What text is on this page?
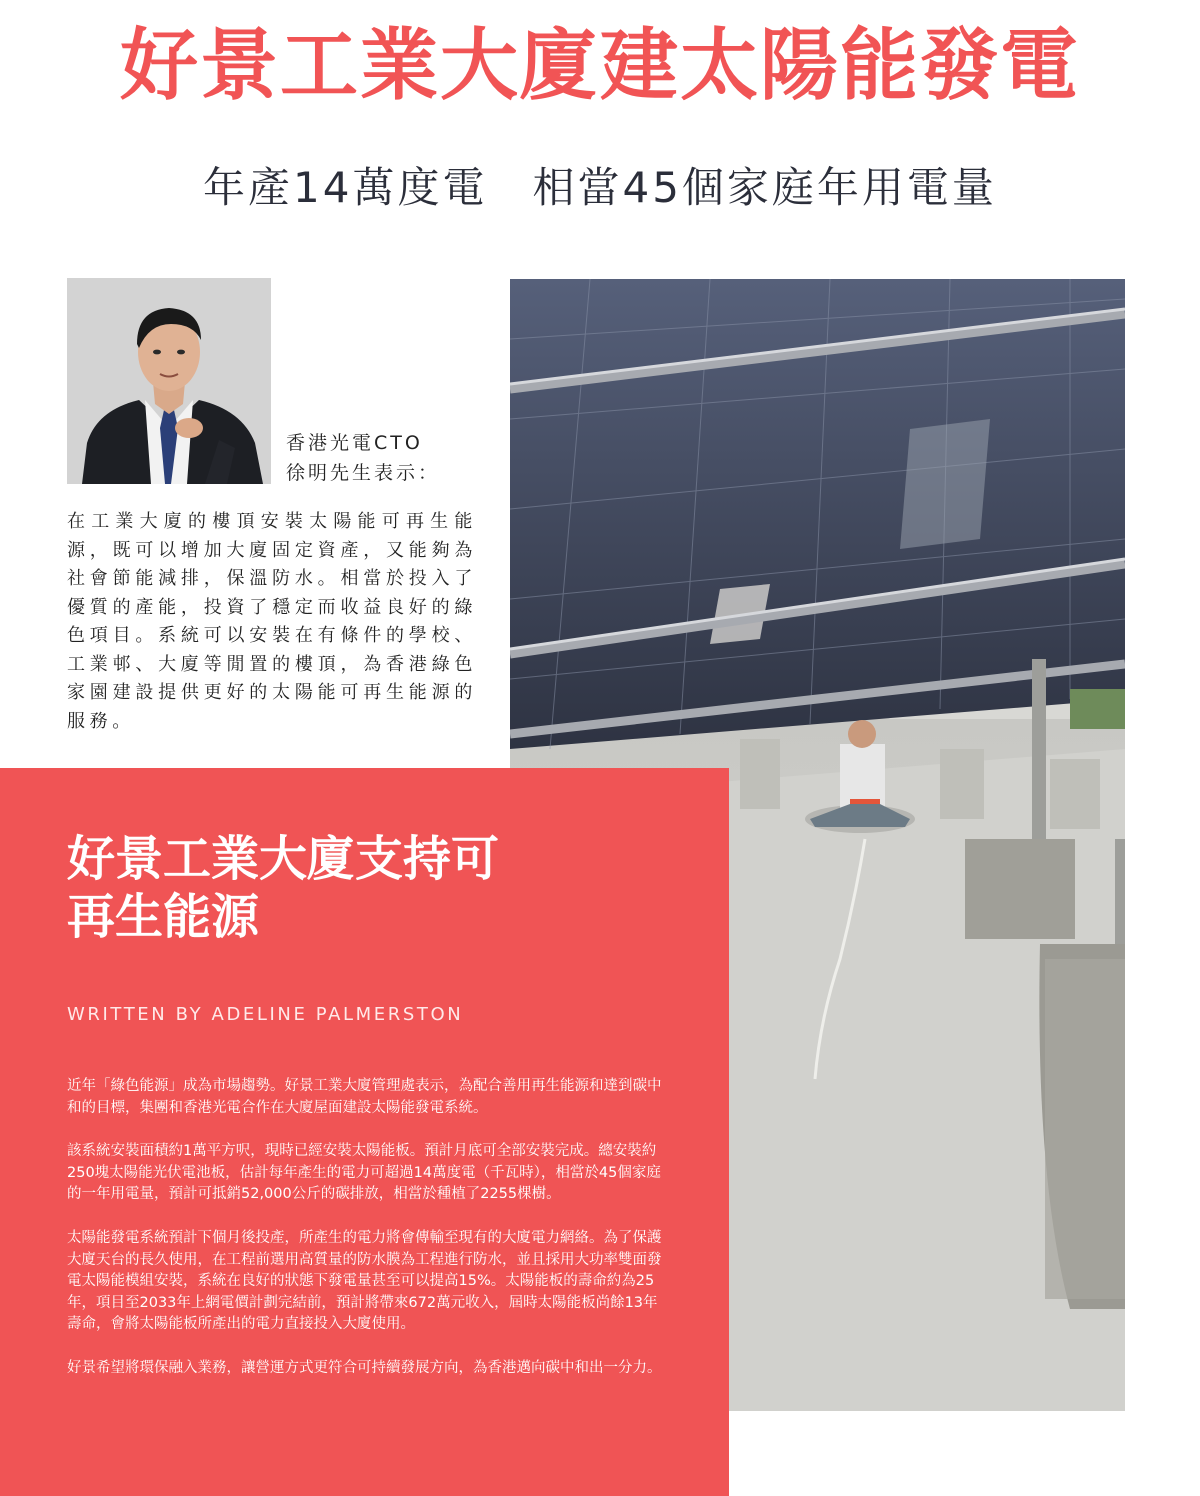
好景工業大廈建太陽能發電
年產14萬度電　相當45個家庭年用電量
香港光電CTO
徐明先生表示：
在工業大廈的樓頂安裝太陽能可再生能源，既可以增加大廈固定資產，又能夠為社會節能減排，保溫防水。相當於投入了優質的產能，投資了穩定而收益良好的綠色項目。系統可以安裝在有條件的學校、工業邨、大廈等閒置的樓頂，為香港綠色家園建設提供更好的太陽能可再生能源的服務。
好景工業大廈支持可
再生能源
WRITTEN BY ADELINE PALMERSTON

近年「綠色能源」成為市場趨勢。好景工業大廈管理處表示，為配合善用再生能源和達到碳中和的目標，集團和香港光電合作在大廈屋面建設太陽能發電系統。

該系統安裝面積約1萬平方呎，現時已經安裝太陽能板。預計月底可全部安裝完成。總安裝約250塊太陽能光伏電池板，估計每年產生的電力可超過14萬度電（千瓦時），相當於45個家庭的一年用電量，預計可抵銷52,000公斤的碳排放，相當於種植了2255棵樹。

太陽能發電系統預計下個月後投產，所產生的電力將會傳輸至現有的大廈電力網絡。為了保護大廈天台的長久使用，在工程前選用高質量的防水膜為工程進行防水，並且採用大功率雙面發電太陽能模組安裝，系統在良好的狀態下發電量甚至可以提高15%。太陽能板的壽命約為25年，項目至2033年上網電價計劃完結前，預計將帶來672萬元收入，屆時太陽能板尚餘13年壽命，會將太陽能板所產出的電力直接投入大廈使用。

好景希望將環保融入業務，讓營運方式更符合可持續發展方向，為香港邁向碳中和出一分力。
